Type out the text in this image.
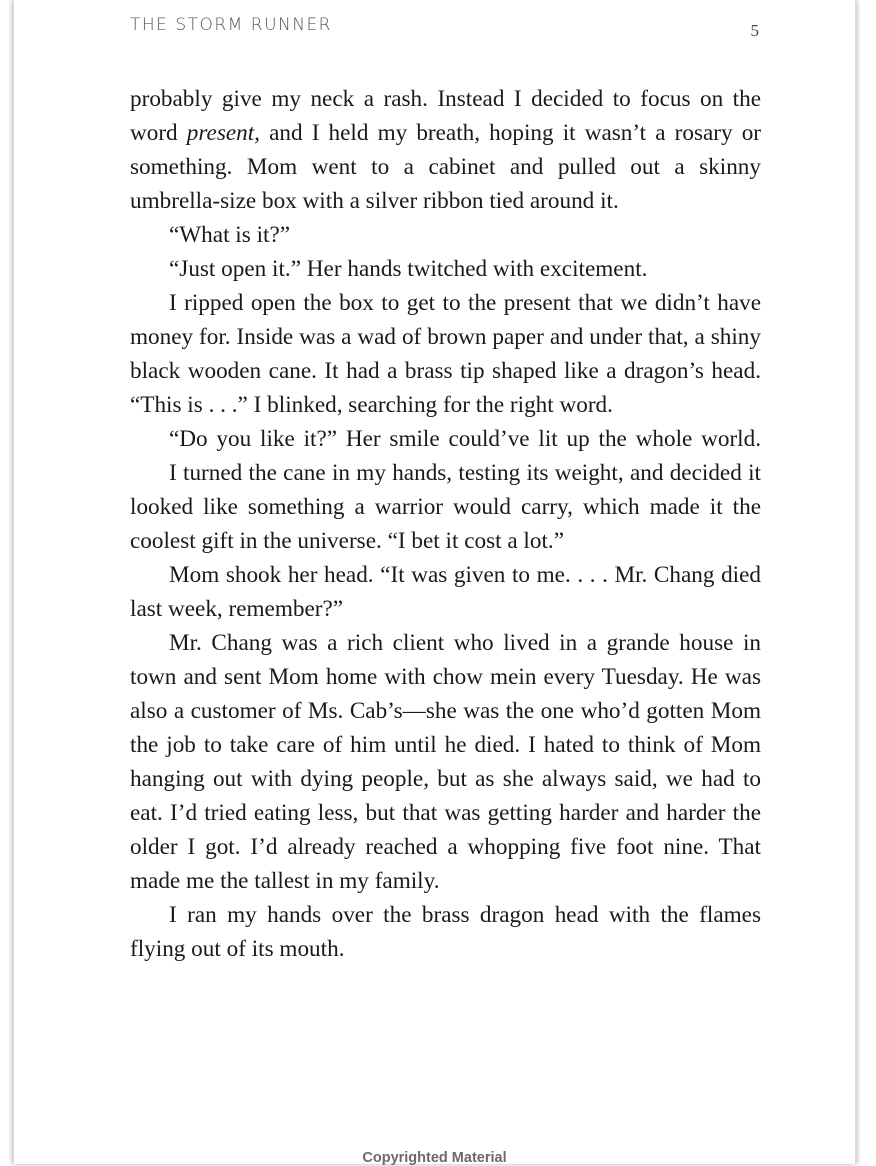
THE STORM RUNNER	5

probably give my neck a rash. Instead I decided to focus on the word present, and I held my breath, hoping it wasn’t a rosary or something. Mom went to a cabinet and pulled out a skinny umbrella-size box with a silver ribbon tied around it.

“What is it?”

“Just open it.” Her hands twitched with excitement.

I ripped open the box to get to the present that we didn’t have money for. Inside was a wad of brown paper and under that, a shiny black wooden cane. It had a brass tip shaped like a dragon’s head. “This is . . .” I blinked, searching for the right word.

“Do you like it?” Her smile could’ve lit up the whole world.

I turned the cane in my hands, testing its weight, and decided it looked like something a warrior would carry, which made it the coolest gift in the universe. “I bet it cost a lot.”

Mom shook her head. “It was given to me. . . . Mr. Chang died last week, remember?”

Mr. Chang was a rich client who lived in a grande house in town and sent Mom home with chow mein every Tuesday. He was also a customer of Ms. Cab’s—she was the one who’d gotten Mom the job to take care of him until he died. I hated to think of Mom hanging out with dying people, but as she always said, we had to eat. I’d tried eating less, but that was getting harder and harder the older I got. I’d already reached a whopping five foot nine. That made me the tallest in my family.

I ran my hands over the brass dragon head with the flames flying out of its mouth.

Copyrighted Material
